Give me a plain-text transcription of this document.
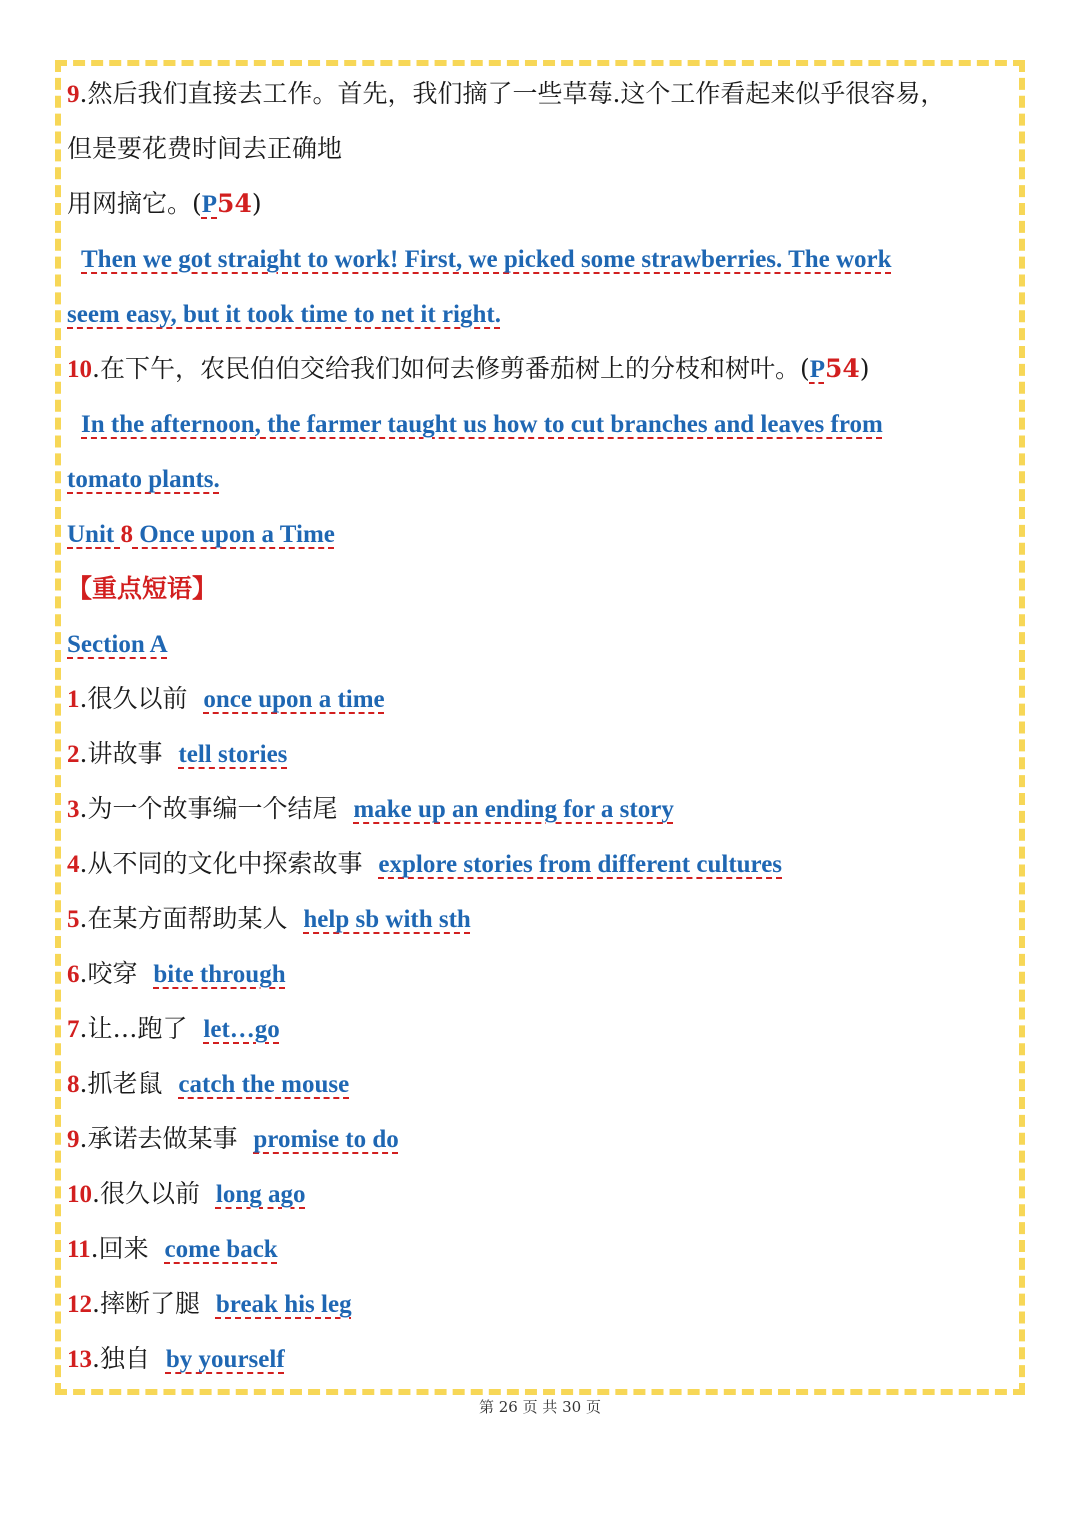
9.然后我们直接去工作。首先，我们摘了一些草莓.这个工作看起来似乎很容易，
但是要花费时间去正确地
用网摘它。(P54)
Then we got straight to work! First, we picked some strawberries. The work
seem easy, but it took time to net it right.
10.在下午，农民伯伯交给我们如何去修剪番茄树上的分枝和树叶。(P54)
In the afternoon, the farmer taught us how to cut branches and leaves from
tomato plants.
Unit 8 Once upon a Time
【重点短语】
Section A
1.很久以前 once upon a time
2.讲故事 tell stories
3.为一个故事编一个结尾 make up an ending for a story
4.从不同的文化中探索故事 explore stories from different cultures
5.在某方面帮助某人 help sb with sth
6.咬穿 bite through
7.让…跑了 let…go
8.抓老鼠 catch the mouse
9.承诺去做某事 promise to do
10.很久以前 long ago
11.回来 come back
12.摔断了腿 break his leg
13.独自 by yourself
第 26 页 共 30 页
